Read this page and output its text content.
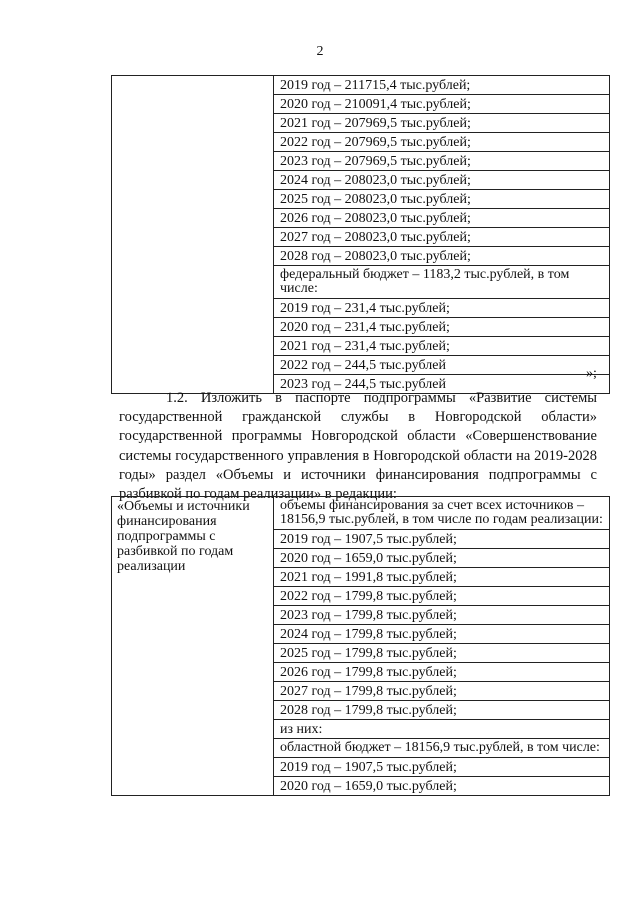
2

2019 год – 211715,4 тыс.рублей;
2020 год – 210091,4 тыс.рублей;
2021 год – 207969,5 тыс.рублей;
2022 год – 207969,5 тыс.рублей;
2023 год – 207969,5 тыс.рублей;
2024 год – 208023,0 тыс.рублей;
2025 год – 208023,0 тыс.рублей;
2026 год – 208023,0 тыс.рублей;
2027 год – 208023,0 тыс.рублей;
2028 год – 208023,0 тыс.рублей;
федеральный бюджет – 1183,2 тыс.рублей, в том числе:
2019 год – 231,4 тыс.рублей;
2020 год – 231,4 тыс.рублей;
2021 год – 231,4 тыс.рублей;
2022 год – 244,5 тыс.рублей
2023 год – 244,5 тыс.рублей
»;
1.2. Изложить в паспорте подпрограммы «Развитие системы государственной гражданской службы в Новгородской области» государственной программы Новгородской области «Совершенствование системы государственного управления в Новгородской области на 2019-2028 годы» раздел «Объемы и источники финансирования подпрограммы с разбивкой по годам реализации» в редакции:
«Объемы и источники финансирования подпрограммы с разбивкой по годам реализации	
объемы финансирования за счет всех источников – 18156,9 тыс.рублей, в том числе по годам реализации:
2019 год – 1907,5 тыс.рублей;
2020 год – 1659,0 тыс.рублей;
2021 год – 1991,8 тыс.рублей;
2022 год – 1799,8 тыс.рублей;
2023 год – 1799,8 тыс.рублей;
2024 год – 1799,8 тыс.рублей;
2025 год – 1799,8 тыс.рублей;
2026 год – 1799,8 тыс.рублей;
2027 год – 1799,8 тыс.рублей;
2028 год – 1799,8 тыс.рублей;
из них:
областной бюджет – 18156,9 тыс.рублей, в том числе:
2019 год – 1907,5 тыс.рублей;
2020 год – 1659,0 тыс.рублей;
